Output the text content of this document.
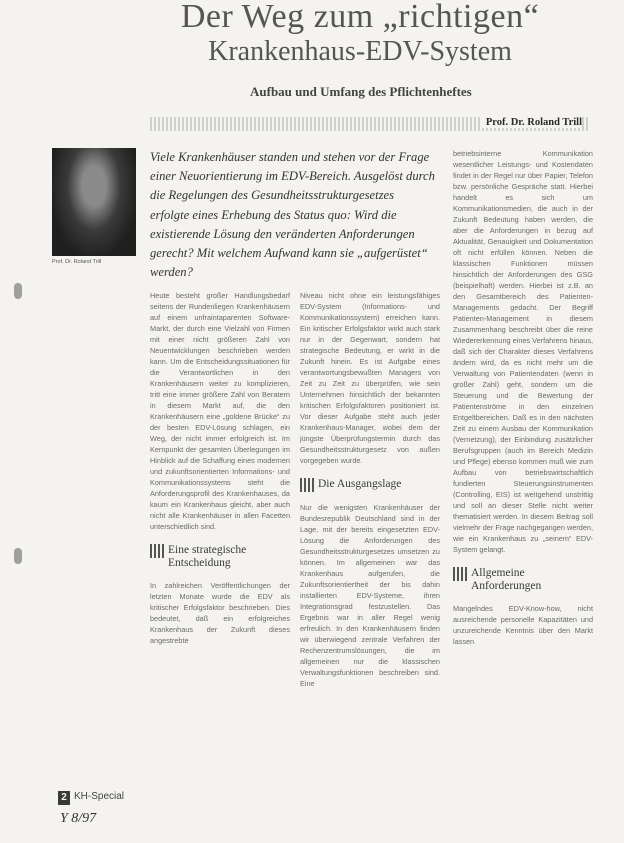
Der Weg zum „richtigen“
Krankenhaus-EDV-System
Aufbau und Umfang des Pflichtenheftes
Prof. Dr. Roland Trill
Prof. Dr. Roland Trill
Viele Krankenhäuser standen und stehen vor der Frage einer Neuorientierung im EDV-Bereich. Ausgelöst durch die Regelungen des Gesundheitsstrukturgesetzes erfolgte eines Erhebung des Status quo: Wird die existierende Lösung den veränderten Anforderungen gerecht? Mit welchem Aufwand kann sie „aufgerüstet“ werden?

Heute besteht großer Handlungsbedarf seitens der Rundenliegen Krankenhäusern auf einem unfraintaparenten Software-Markt, der durch eine Vielzahl von Firmen mit einer nicht größeren Zahl von Neuentwicklungen beschrieben werden kann. Um die Entscheidungssituationen für die Verantwortlichen in den Krankenhäusern weiter zu komplizieren, tritt eine immer größere Zahl von Beratern in diesem Markt auf, die den Krankenhäusern eine „goldene Brücke“ zu der besten EDV-Lösung schlagen, ein Weg, der nicht immer erfolgreich ist. Im Kernpunkt der gesamten Überlegungen im Hinblick auf die Schaffung eines modernen und zukunftsorientierten Informations- und Kommunikationssystems steht die Anforderungsprofil des Krankenhauses, da kaum ein Krankenhaus gleicht, aber auch nicht alle Krankenhäuser in allen Facetten unterschiedlich sind.

Eine strategische Entscheidung

In zahlreichen Veröffentlichungen der letzten Monate wurde die EDV als kritischer Erfolgsfaktor beschrieben. Dies bedeutet, daß ein erfolgreiches Krankenhaus der Zukunft dieses angestrebte

Niveau nicht ohne ein leistungsfähiges EDV-System (Informations- und Kommunikationssystem) erreichen kann. Ein kritischer Erfolgsfaktor wirkt auch stark nur in der Gegenwart, sondern hat strategische Bedeutung, er wirkt in die Zukunft hinein. Es ist Aufgabe eines verantwortungsbewußten Managers von Zeit zu Zeit zu überprüfen, wie sein Unternehmen hinsichtlich der bekannten kritischen Erfolgsfaktoren positioniert ist. Vor dieser Aufgabe steht auch jeder Krankenhaus-Manager, wobei dem der jüngste Überprüfungstermin durch das Gesundheitsstrukturgesetz von außen vorgegeben wurde.

Die Ausgangslage

Nur die wenigsten Krankenhäuser der Bundesrepublik Deutschland sind in der Lage, mit der bereits eingesetzten EDV-Lösung die Anforderungen des Gesundheitsstrukturgesetzes umsetzen zu können. Im allgemeinen war das Krankenhaus aufgerufen, die Zukunftsorientiertheit der bis dahin installierten EDV-Systeme, ihren Integrationsgrad festzustellen. Das Ergebnis war in aller Regel wenig erfreulich. In den Krankenhäusern finden wir überwiegend zentrale Verfahren der Rechenzentrumslösungen, die im allgemeinen nur die klassischen Verwaltungsfunktionen beschreiben sind. Eine

betriebsinterne Kommunikation wesentlicher Leistungs- und Kostendaten findet in der Regel nur über Papier, Telefon bzw. persönliche Gespräche statt. Hierbei handelt es sich um Kommunikationsmedien, die auch in der Zukunft Bedeutung haben werden, die aber die Anforderungen in bezug auf Aktualität, Genauigkeit und Dokumentation oft nicht erfüllen können. Neben die klassischen Funktionen müssen hinsichtlich der Anforderungen des GSG (beispielhaft) werden. Hierbei ist z.B. an den Gesamtbereich des Patienten-Managements gedacht. Der Begriff Patienten-Management in diesem Zusammenhang beschreibt über die reine Wiedererkennung eines Verfahrens hinaus, daß sich der Charakter dieses Verfahrens ändern wird, da es nicht mehr um die Verwaltung von Patientendaten (wenn in großer Zahl) geht, sondern um die Steuerung und die Bewertung der Patientenströme in den einzelnen Entgeltbereichen. Daß es in den nächsten Zeit zu einem Ausbau der Kommunikation (Vernetzung), der Einbindung zusätzlicher Berufsgruppen (auch im Bereich Medizin und Pflege) ebenso kommen muß wie zum Aufbau von betriebswirtschaftlich fundierten Steuerungsinstrumenten (Controlling, EIS) ist weitgehend unstrittig und soll an dieser Stelle nicht weiter thematisiert werden. In diesem Beitrag soll vielmehr der Frage nachgegangen werden, wie ein Krankenhaus zu „seinem“ EDV-System gelangt.

Allgemeine Anforderungen

Mangelndes EDV-Know-how, nicht ausreichende personelle Kapazitäten und unzureichende Kenntnis über den Markt lassen

2 KH-Special
Y 8/97
